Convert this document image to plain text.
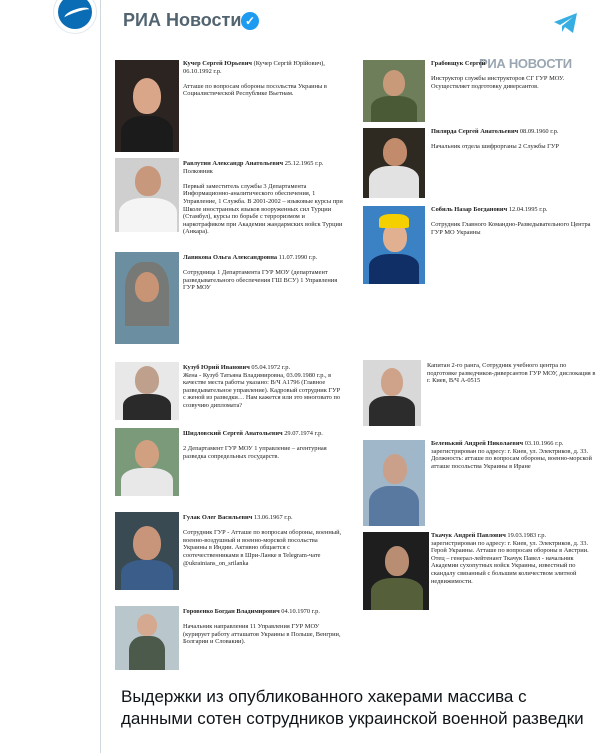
РИА Новости ✓
РИА НОВОСТИ
Кучер Сергей Юрьевич (Кучер Сергій Юрійович), 06.10.1992 г.р.

Атташе по вопросам обороны посольства Украины в Социалистической Республике Вьетнам.
Равлутин Александр Анатольевич 25.12.1965 г.р. Полковник

Первый заместитель службы 3 Департамента Информационно-аналитического обеспечения, 1 Управление, 1 Служба. В 2001-2002 – языковые курсы при Школе иностранных языков вооруженных сил Турции (Стамбул), курсы по борьбе с терроризмом и наркотрафиком при Академии жандармских войск Турции (Анкара).
Лавикова Ольга Александровна 11.07.1990 г.р.

Сотрудница 1 Департамента ГУР МОУ (департамент разведывательного обеспечения ГШ ВСУ) 1 Управления ГУР МОУ
Кузуб Юрий Иванович 05.04.1972 г.р.
Жена - Кузуб Татьяна Владимировна, 03.09.1980 г.р., в качестве места работы указано: В/Ч А1796 (Главное разведывательное управление). Кадровый сотрудник ГУР с женой из разведки… Нам кажется или это многовато по созвучию дипломата?
Шидловский Сергей Анатольевич 29.07.1974 г.р.

2 Департамент ГУР МОУ 1 управление – агентурная разведка сопредельных государств.
Гулак Олег Васильевич 13.06.1967 г.р.

Сотрудник ГУР - Атташе по вопросам обороны, военный, военно-воздушный и военно-морской посольства Украины в Индии. Активно общается с соотечественниками в Шри-Ланке в Telegram-чате @ukrainians_on_srilanka
Горовенко Богдан Владимирович 04.10.1970 г.р.

Начальник направления 11 Управления ГУР МОУ (курирует работу атташатов Украины в Польше, Венгрии, Болгарии и Словакии).
Грабовщук Сергей

Инструктор службы инструкторов СГ ГУР МОУ. Осуществляет подготовку диверсантов.
Пилярда Сергей Анатольевич 08.09.1960 г.р.

Начальник отдела шифрорганы 2 Службы ГУР
Собиль Назар Богданович 12.04.1995 г.р.

Сотрудник Главного Командно-Разведывательного Центра ГУР МО Украины
Капитан 2-го ранга, Сотрудник учебного центра по подготовке разведчиков-диверсантов ГУР МОУ, дислокация в г. Киев, В/Ч А-0515
Беленький Андрей Николаевич 03.10.1966 г.р.
зарегистрирован по адресу: г. Киев, ул. Электриков, д. 33. Должность: атташе по вопросам обороны, военно-морской атташе посольства Украины в Иране
Ткачук Андрей Павлович 19.03.1983 г.р.
зарегистрирован по адресу: г. Киев, ул. Электриков, д. 33. Герой Украины. Атташе по вопросам обороны в Австрии. Отец – генерал-лейтенант Ткачук Павел - начальник Академии сухопутных войск Украины, известный по скандалу связанный с большим количеством элитной недвижимости.
Выдержки из опубликованного хакерами массива с данными сотен сотрудников украинской военной разведки
